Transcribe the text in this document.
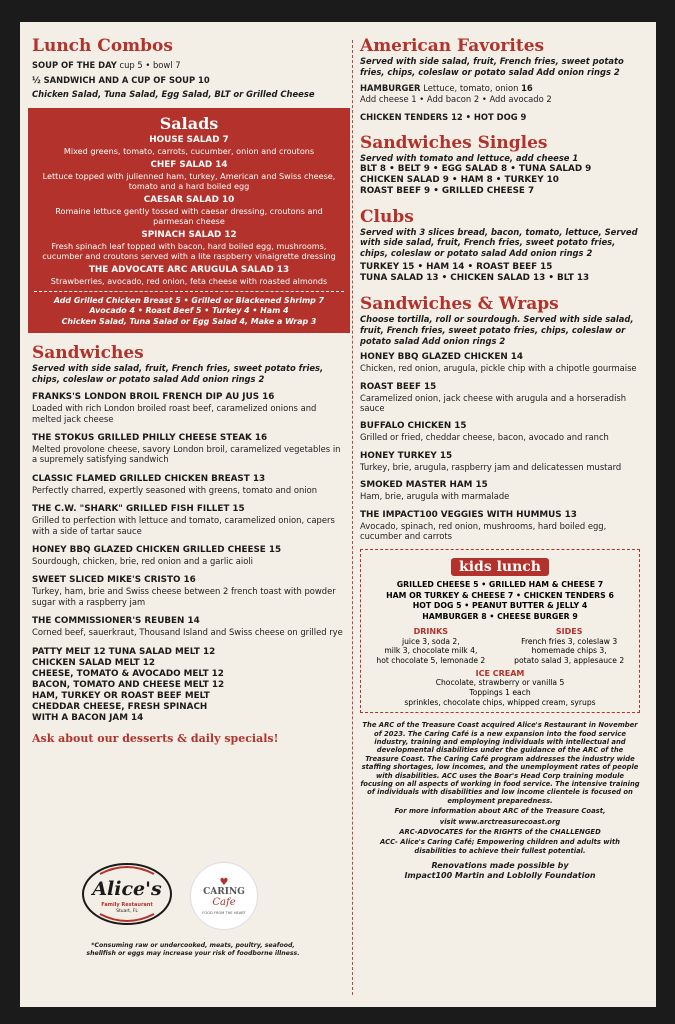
Lunch Combos
SOUP OF THE DAY cup 5 • bowl 7
½ SANDWICH AND A CUP OF SOUP 10
Chicken Salad, Tuna Salad, Egg Salad, BLT or Grilled Cheese
Salads
HOUSE SALAD 7
Mixed greens, tomato, carrots, cucumber, onion and croutons
CHEF SALAD 14
Lettuce topped with julienned ham, turkey, American and Swiss cheese, tomato and a hard boiled egg
CAESAR SALAD 10
Romaine lettuce gently tossed with caesar dressing, croutons and parmesan cheese
SPINACH SALAD 12
Fresh spinach leaf topped with bacon, hard boiled egg, mushrooms, cucumber and croutons served with a lite raspberry vinaigrette dressing
THE ADVOCATE ARC ARUGULA SALAD 13
Strawberries, avocado, red onion, feta cheese with roasted almonds
Add Grilled Chicken Breast 5 • Grilled or Blackened Shrimp 7
Avocado 4 • Roast Beef 5 • Turkey 4 • Ham 4
Chicken Salad, Tuna Salad or Egg Salad 4, Make a Wrap 3
Sandwiches
Served with side salad, fruit, French fries, sweet potato fries, chips, coleslaw or potato salad Add onion rings 2
FRANKS'S LONDON BROIL FRENCH DIP AU JUS 16
Loaded with rich London broiled roast beef, caramelized onions and melted jack cheese
THE STOKUS GRILLED PHILLY CHEESE STEAK 16
Melted provolone cheese, savory London broil, caramelized vegetables in a supremely satisfying sandwich
CLASSIC FLAMED GRILLED CHICKEN BREAST 13
Perfectly charred, expertly seasoned with greens, tomato and onion
THE C.W. "SHARK" GRILLED FISH FILLET 15
Grilled to perfection with lettuce and tomato, caramelized onion, capers with a side of tartar sauce
HONEY BBQ GLAZED CHICKEN GRILLED CHEESE 15
Sourdough, chicken, brie, red onion and a garlic aioli
SWEET SLICED MIKE'S CRISTO 16
Turkey, ham, brie and Swiss cheese between 2 french toast with powder sugar with a raspberry jam
THE COMMISSIONER'S REUBEN 14
Corned beef, sauerkraut, Thousand Island and Swiss cheese on grilled rye
PATTY MELT 12 TUNA SALAD MELT 12
CHICKEN SALAD MELT 12
CHEESE, TOMATO & AVOCADO MELT 12
BACON, TOMATO AND CHEESE MELT 12
HAM, TURKEY OR ROAST BEEF MELT
CHEDDAR CHEESE, FRESH SPINACH
WITH A BACON JAM 14
Ask about our desserts & daily specials!
Alice's
Family Restaurant
Stuart, FL
♥
CARING
Cafe
FOOD FROM THE HEART
*Consuming raw or undercooked, meats, poultry, seafood, shellfish or eggs may increase your risk of foodborne illness.
American Favorites
Served with side salad, fruit, French fries, sweet potato fries, chips, coleslaw or potato salad Add onion rings 2
HAMBURGER Lettuce, tomato, onion 16
Add cheese 1 • Add bacon 2 • Add avocado 2
CHICKEN TENDERS 12 • HOT DOG 9
Sandwiches Singles
Served with tomato and lettuce, add cheese 1
BLT 8 • BELT 9 • EGG SALAD 8 • TUNA SALAD 9
CHICKEN SALAD 9 • HAM 8 • TURKEY 10
ROAST BEEF 9 • GRILLED CHEESE 7
Clubs
Served with 3 slices bread, bacon, tomato, lettuce, Served with side salad, fruit, French fries, sweet potato fries, chips, coleslaw or potato salad Add onion rings 2
TURKEY 15 • HAM 14 • ROAST BEEF 15
TUNA SALAD 13 • CHICKEN SALAD 13 • BLT 13
Sandwiches & Wraps
Choose tortilla, roll or sourdough. Served with side salad, fruit, French fries, sweet potato fries, chips, coleslaw or potato salad Add onion rings 2
HONEY BBQ GLAZED CHICKEN 14
Chicken, red onion, arugula, pickle chip with a chipotle gourmaise
ROAST BEEF 15
Caramelized onion, jack cheese with arugula and a horseradish sauce
BUFFALO CHICKEN 15
Grilled or fried, cheddar cheese, bacon, avocado and ranch
HONEY TURKEY 15
Turkey, brie, arugula, raspberry jam and delicatessen mustard
SMOKED MASTER HAM 15
Ham, brie, arugula with marmalade
THE IMPACT100 VEGGIES WITH HUMMUS 13
Avocado, spinach, red onion, mushrooms, hard boiled egg, cucumber and carrots
kids lunch
GRILLED CHEESE 5 • GRILLED HAM & CHEESE 7
HAM OR TURKEY & CHEESE 7 • CHICKEN TENDERS 6
HOT DOG 5 • PEANUT BUTTER & JELLY 4
HAMBURGER 8 • CHEESE BURGER 9
DRINKS
juice 3, soda 2,
milk 3, chocolate milk 4,
hot chocolate 5, lemonade 2
SIDES
French fries 3, coleslaw 3
homemade chips 3,
potato salad 3, applesauce 2
ICE CREAM
Chocolate, strawberry or vanilla 5
Toppings 1 each
sprinkles, chocolate chips, whipped cream, syrups
The ARC of the Treasure Coast acquired Alice's Restaurant in November of 2023. The Caring Café is a new expansion into the food service industry, training and employing individuals with intellectual and developmental disabilities under the guidance of the ARC of the Treasure Coast. The Caring Café program addresses the industry wide staffing shortages, low incomes, and the unemployment rates of people with disabilities. ACC uses the Boar's Head Corp training module focusing on all aspects of working in food service. The intensive training of individuals with disabilities and low income clientele is focused on employment preparedness.
For more information about ARC of the Treasure Coast,
visit www.arctreasurecoast.org
ARC-ADVOCATES for the RIGHTS of the CHALLENGED
ACC- Alice's Caring Café; Empowering children and adults with disabilities to achieve their fullest potential.
Renovations made possible by
Impact100 Martin and Loblolly Foundation
